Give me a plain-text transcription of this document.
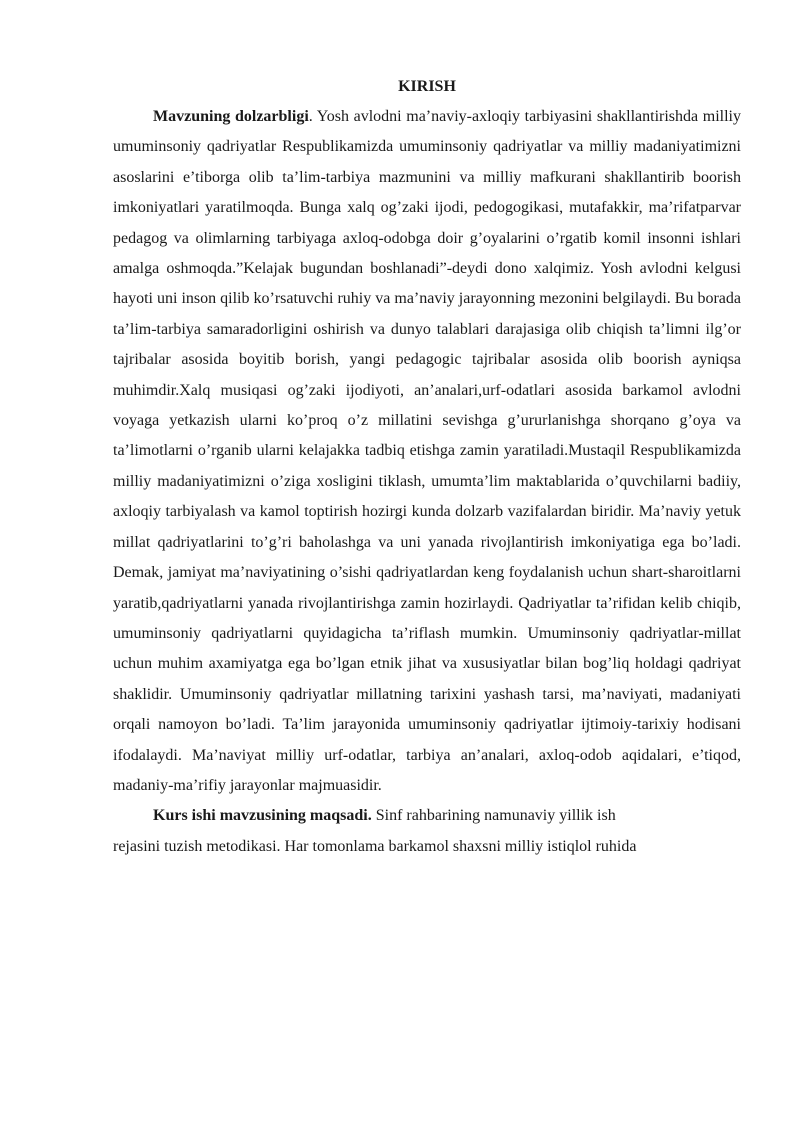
KIRISH

Mavzuning dolzarbligi. Yosh avlodni ma’naviy-axloqiy tarbiyasini shakllantirishda milliy umuminsoniy qadriyatlar Respublikamizda umuminsoniy qadriyatlar va milliy madaniyatimizni asoslarini e’tiborga olib ta’lim-tarbiya mazmunini va milliy mafkurani shakllantirib boorish imkoniyatlari yaratilmoqda. Bunga xalq og’zaki ijodi, pedogogikasi, mutafakkir, ma’rifatparvar pedagog va olimlarning tarbiyaga axloq-odobga doir g’oyalarini o’rgatib komil insonni ishlari amalga oshmoqda.”Kelajak bugundan boshlanadi”-deydi dono xalqimiz. Yosh avlodni kelgusi hayoti uni inson qilib ko’rsatuvchi ruhiy va ma’naviy jarayonning mezonini belgilaydi. Bu borada ta’lim-tarbiya samaradorligini oshirish va dunyo talablari darajasiga olib chiqish ta’limni ilg’or tajribalar asosida boyitib borish, yangi pedagogic tajribalar asosida olib boorish ayniqsa muhimdir.Xalq musiqasi og’zaki ijodiyoti, an’analari,urf-odatlari asosida barkamol avlodni voyaga yetkazish ularni ko’proq o’z millatini sevishga g’ururlanishga shorqano g’oya va ta’limotlarni o’rganib ularni kelajakka tadbiq etishga zamin yaratiladi.Mustaqil Respublikamizda milliy madaniyatimizni o’ziga xosligini tiklash, umumta’lim maktablarida o’quvchilarni badiiy, axloqiy tarbiyalash va kamol toptirish hozirgi kunda dolzarb vazifalardan biridir. Ma’naviy yetuk millat qadriyatlarini to’g’ri baholashga va uni yanada rivojlantirish imkoniyatiga ega bo’ladi. Demak, jamiyat ma’naviyatining o’sishi qadriyatlardan keng foydalanish uchun shart-sharoitlarni yaratib,qadriyatlarni yanada rivojlantirishga zamin hozirlaydi. Qadriyatlar ta’rifidan kelib chiqib, umuminsoniy qadriyatlarni quyidagicha ta’riflash mumkin. Umuminsoniy qadriyatlar-millat uchun muhim axamiyatga ega bo’lgan etnik jihat va xususiyatlar bilan bog’liq holdagi qadriyat shaklidir. Umuminsoniy qadriyatlar millatning tarixini yashash tarsi, ma’naviyati, madaniyati orqali namoyon bo’ladi. Ta’lim jarayonida umuminsoniy qadriyatlar ijtimoiy-tarixiy hodisani ifodalaydi. Ma’naviyat milliy urf-odatlar, tarbiya an’analari, axloq-odob aqidalari, e’tiqod, madaniy-ma’rifiy jarayonlar majmuasidir.

Kurs ishi mavzusining maqsadi. Sinf rahbarining namunaviy yillik ish
rejasini tuzish metodikasi. Har tomonlama barkamol shaxsni milliy istiqlol ruhida
